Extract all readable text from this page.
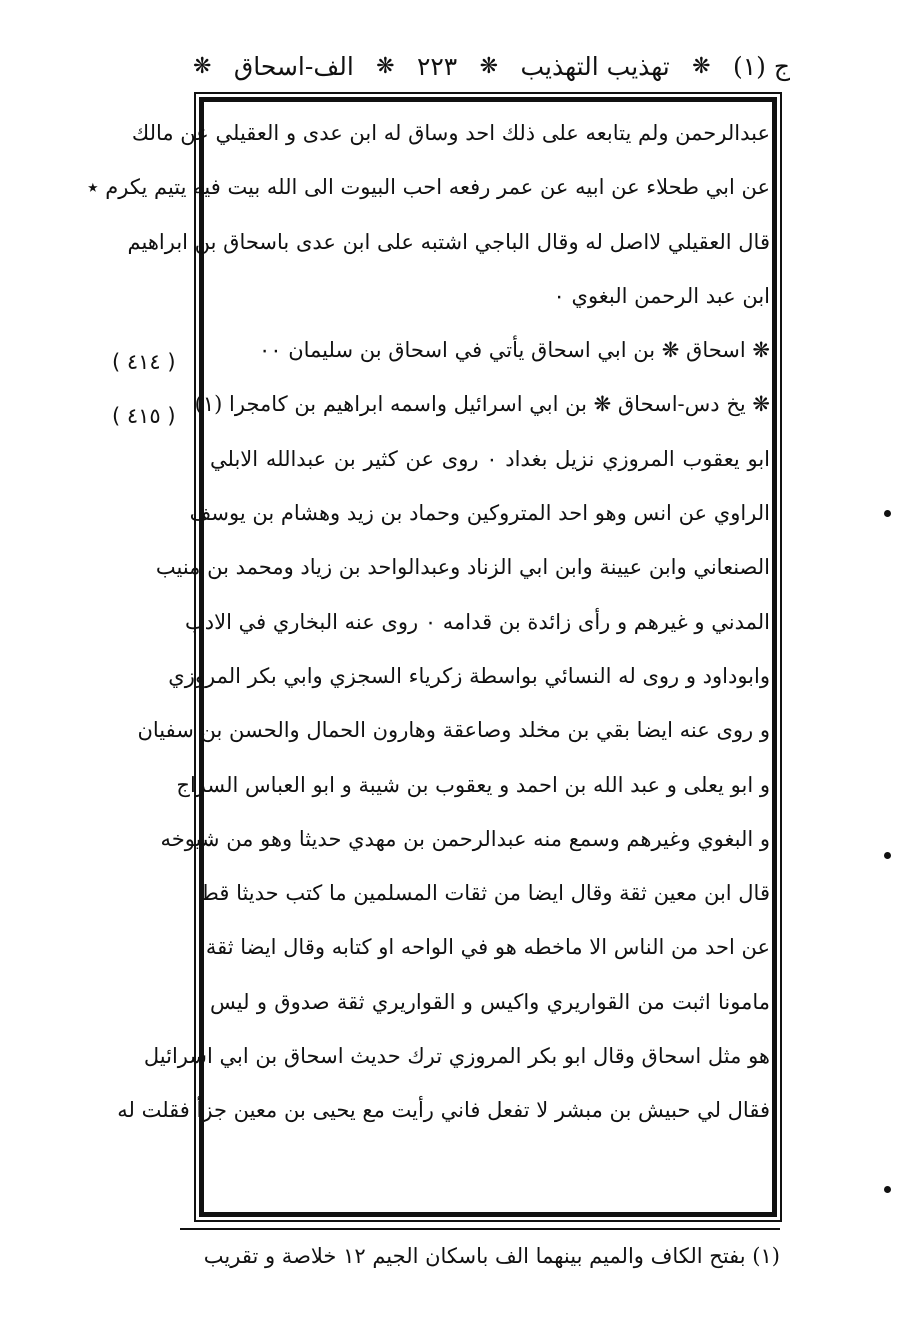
ج (١)
❋
تهذيب التهذيب
❋
٢٢٣
❋
الف-اسحاق
❋
عبدالرحمن ولم يتابعه على ذلك احد وساق له ابن عدى و العقيلي عن مالك
عن ابي طحلاء عن ابيه عن عمر رفعه احب البيوت الى الله بيت فيه يتيم يكرم ٭
قال العقيلي لااصل له وقال الباجي اشتبه على ابن عدى باسحاق بن ابراهيم
ابن عبد الرحمن البغوي ٠
❋ اسحاق ❋ بن ابي اسحاق يأتي في اسحاق بن سليمان ٠٠
❋ يخ دس-اسحاق ❋ بن ابي اسرائيل واسمه ابراهيم بن كامجرا (١)
ابو يعقوب المروزي نزيل بغداد ٠ روى عن كثير بن عبدالله الابلي
الراوي عن انس وهو احد المتروكين وحماد بن زيد وهشام بن يوسف
الصنعاني وابن عيينة وابن ابي الزناد وعبدالواحد بن زياد ومحمد بن منيب
المدني و غيرهم و رأى زائدة بن قدامه ٠ روى عنه البخاري في الادب
وابوداود و روى له النسائي بواسطة زكرياء السجزي وابي بكر المروزي
و روى عنه ايضا بقي بن مخلد وصاعقة وهارون الحمال والحسن بن سفيان
و ابو يعلى و عبد الله بن احمد و يعقوب بن شيبة و ابو العباس السراج
و البغوي وغيرهم وسمع منه عبدالرحمن بن مهدي حديثا وهو من شيوخه
قال ابن معين ثقة وقال ايضا من ثقات المسلمين ما كتب حديثا قط
عن احد من الناس الا ماخطه هو في الواحه او كتابه وقال ايضا ثقة
مامونا اثبت من القواريري واكيس و القواريري ثقة صدوق و ليس
هو مثل اسحاق وقال ابو بكر المروزي ترك حديث اسحاق بن ابي اسرائيل
فقال لي حبيش بن مبشر لا تفعل فاني رأيت مع يحيى بن معين جزأ فقلت له
( ٤١٤ )
( ٤١٥ )
(١) بفتح الكاف والميم بينهما الف باسكان الجيم ١٢ خلاصة و تقريب
